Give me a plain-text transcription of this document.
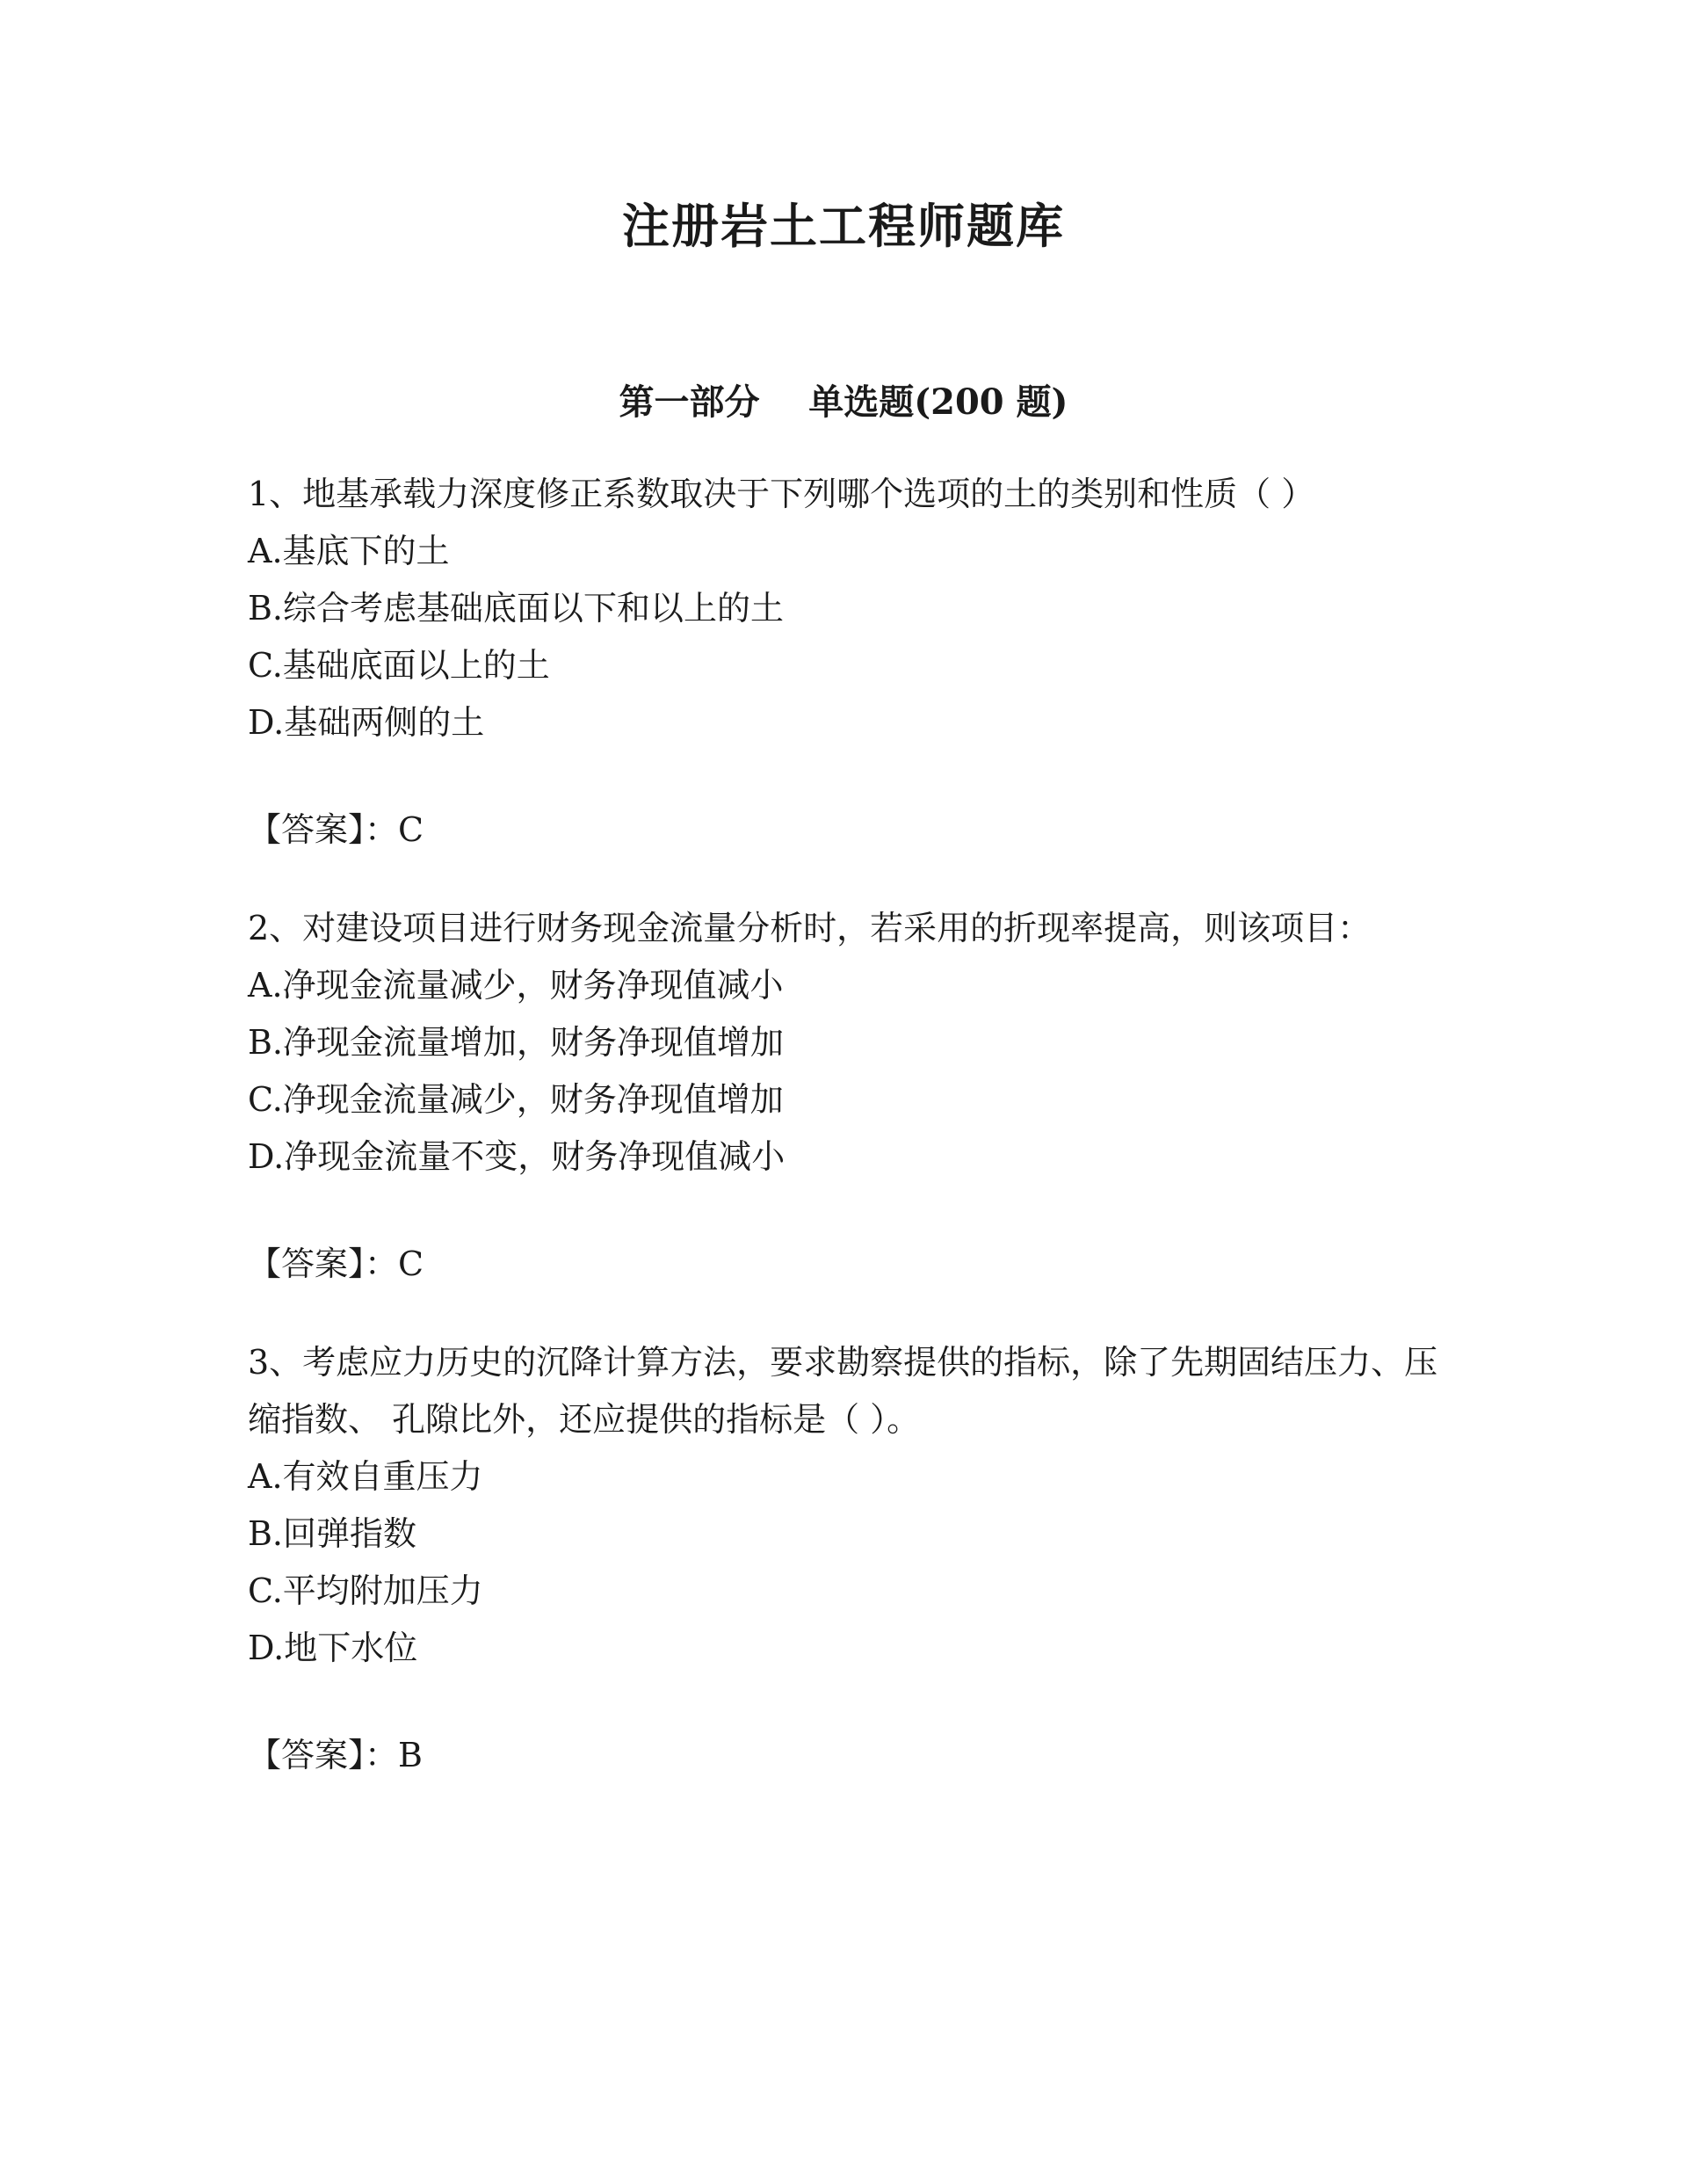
注册岩土工程师题库
第一部分    单选题(200 题)

1、地基承载力深度修正系数取决于下列哪个选项的土的类别和性质（ ）

A.基底下的土

B.综合考虑基础底面以下和以上的土

C.基础底面以上的土

D.基础两侧的土

【答案】：C

2、对建设项目进行财务现金流量分析时，若采用的折现率提高，则该项目：

A.净现金流量减少，财务净现值减小

B.净现金流量增加，财务净现值增加

C.净现金流量减少，财务净现值增加

D.净现金流量不变，财务净现值减小

【答案】：C

3、考虑应力历史的沉降计算方法，要求勘察提供的指标，除了先期固结压力、压缩指数、 孔隙比外，还应提供的指标是（ ）。

A.有效自重压力

B.回弹指数

C.平均附加压力

D.地下水位

【答案】：B
